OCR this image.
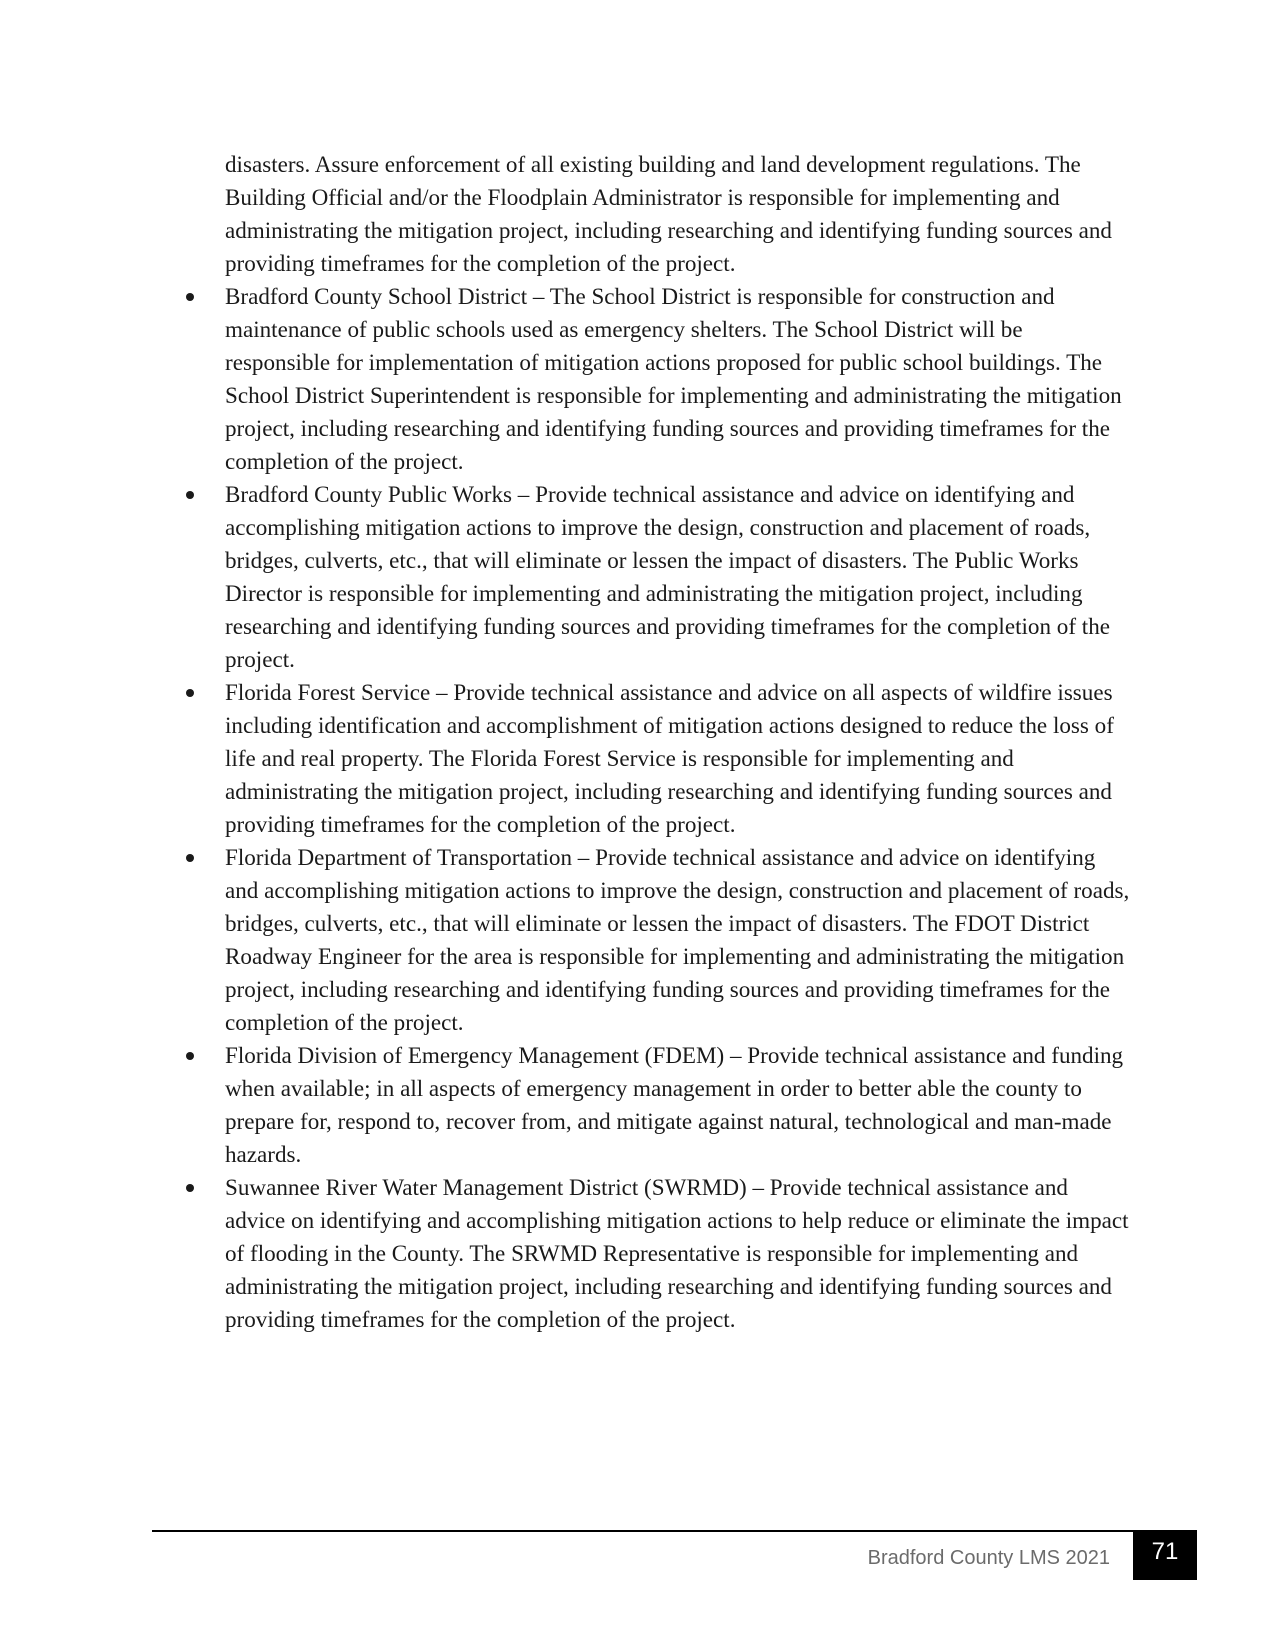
disasters. Assure enforcement of all existing building and land development regulations. The Building Official and/or the Floodplain Administrator is responsible for implementing and administrating the mitigation project, including researching and identifying funding sources and providing timeframes for the completion of the project.

Bradford County School District – The School District is responsible for construction and maintenance of public schools used as emergency shelters. The School District will be responsible for implementation of mitigation actions proposed for public school buildings. The School District Superintendent is responsible for implementing and administrating the mitigation project, including researching and identifying funding sources and providing timeframes for the completion of the project.
Bradford County Public Works – Provide technical assistance and advice on identifying and accomplishing mitigation actions to improve the design, construction and placement of roads, bridges, culverts, etc., that will eliminate or lessen the impact of disasters. The Public Works Director is responsible for implementing and administrating the mitigation project, including researching and identifying funding sources and providing timeframes for the completion of the project.
Florida Forest Service – Provide technical assistance and advice on all aspects of wildfire issues including identification and accomplishment of mitigation actions designed to reduce the loss of life and real property. The Florida Forest Service is responsible for implementing and administrating the mitigation project, including researching and identifying funding sources and providing timeframes for the completion of the project.
Florida Department of Transportation – Provide technical assistance and advice on identifying and accomplishing mitigation actions to improve the design, construction and placement of roads, bridges, culverts, etc., that will eliminate or lessen the impact of disasters. The FDOT District Roadway Engineer for the area is responsible for implementing and administrating the mitigation project, including researching and identifying funding sources and providing timeframes for the completion of the project.
Florida Division of Emergency Management (FDEM) – Provide technical assistance and funding when available; in all aspects of emergency management in order to better able the county to prepare for, respond to, recover from, and mitigate against natural, technological and man-made hazards.
Suwannee River Water Management District (SWRMD) – Provide technical assistance and advice on identifying and accomplishing mitigation actions to help reduce or eliminate the impact of flooding in the County. The SRWMD Representative is responsible for implementing and administrating the mitigation project, including researching and identifying funding sources and providing timeframes for the completion of the project.
Bradford County LMS 2021	71
